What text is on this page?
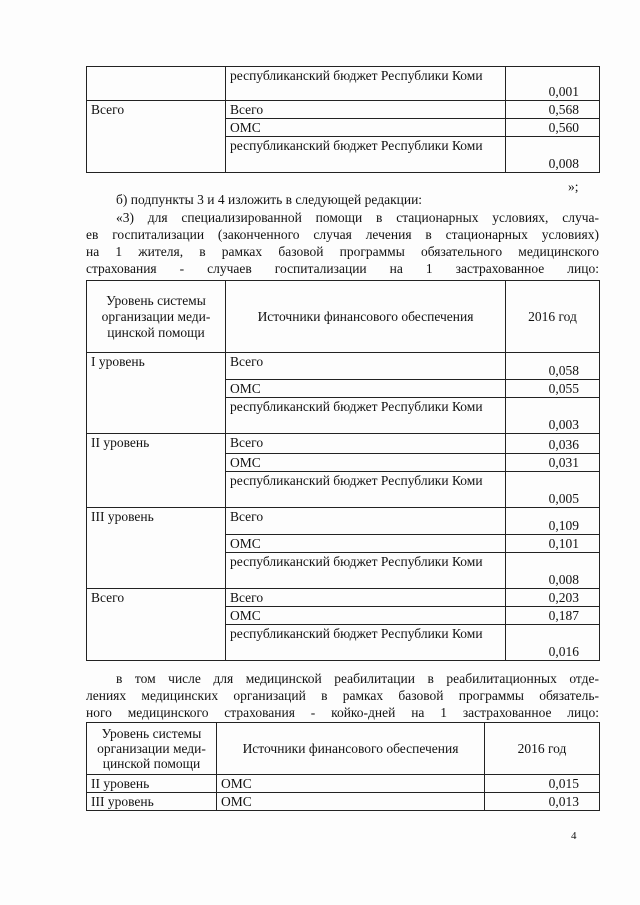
	республиканский бюджет Республики Коми	0,001
Всего	Всего	0,568
	ОМС	0,560
	республиканский бюджет Республики Коми	0,008
»;
б) подпункты 3 и 4 изложить в следующей редакции:
«3) для специализированной помощи в стационарных условиях, случа-
ев госпитализации (законченного случая лечения в стационарных условиях)
на 1 жителя, в рамках базовой программы обязательного медицинского
страхования - случаев госпитализации на 1 застрахованное лицо:
Уровень системы организации меди-цинской помощи	Источники финансового обеспечения	2016 год
I уровень	Всего	0,058
	ОМС	0,055
	республиканский бюджет Республики Коми	0,003
II уровень	Всего	0,036
	ОМС	0,031
	республиканский бюджет Республики Коми	0,005
III уровень	Всего	0,109
	ОМС	0,101
	республиканский бюджет Республики Коми	0,008
Всего	Всего	0,203
	ОМС	0,187
	республиканский бюджет Республики Коми	0,016
в том числе для медицинской реабилитации в реабилитационных отде-
лениях медицинских организаций в рамках базовой программы обязатель-
ного медицинского страхования - койко-дней на 1 застрахованное лицо:
Уровень системы организации меди-цинской помощи	Источники финансового обеспечения	2016 год
II уровень	ОМС	0,015
III уровень	ОМС	0,013
4
